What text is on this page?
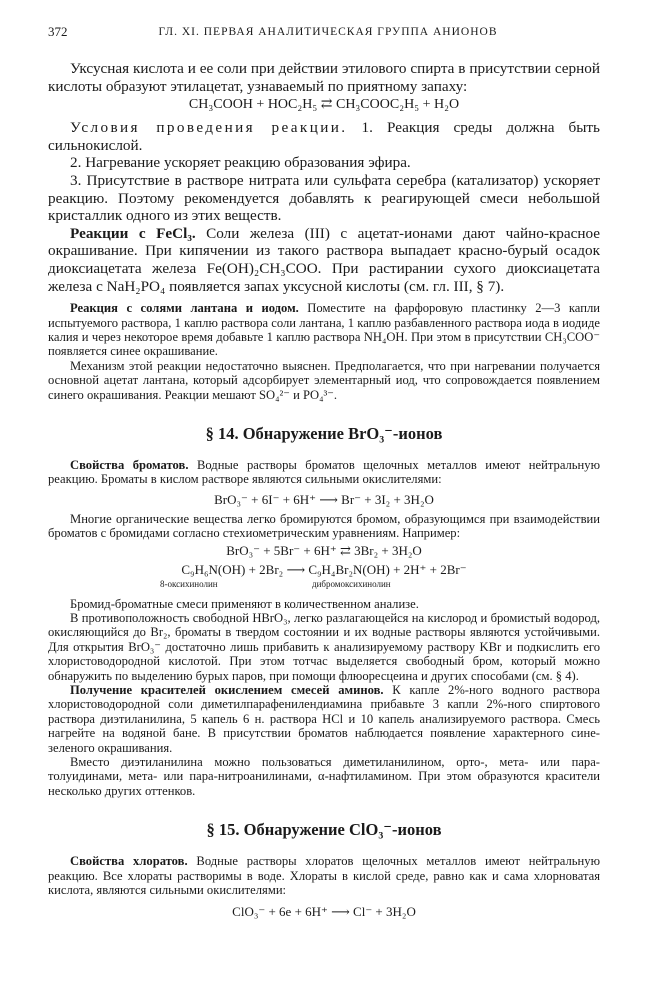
372	ГЛ. XI. ПЕРВАЯ АНАЛИТИЧЕСКАЯ ГРУППА АНИОНОВ

Уксусная кислота и ее соли при действии этилового спирта в присутствии серной кислоты образуют этилацетат, узнаваемый по приятному запаху:

CH₃COOH + HOC₂H₅ ⇄ CH₃COOC₂H₅ + H₂O

Условия проведения реакции. 1. Реакция среды должна быть сильнокислой.

2. Нагревание ускоряет реакцию образования эфира.

3. Присутствие в растворе нитрата или сульфата серебра (катализатор) ускоряет реакцию. Поэтому рекомендуется добавлять к реагирующей смеси небольшой кристаллик одного из этих веществ.

Реакции с FeCl₃. Соли железа (III) с ацетат-ионами дают чайно-красное окрашивание. При кипячении из такого раствора выпадает красно-бурый осадок диоксиацетата железа Fe(OH)₂CH₃COO. При растирании сухого диоксиацетата железа с NaH₂PO₄ появляется запах уксусной кислоты (см. гл. III, § 7).

Реакция с солями лантана и иодом. Поместите на фарфоровую пластинку 2—3 капли испытуемого раствора, 1 каплю раствора соли лантана, 1 каплю разбавленного раствора иода в иодиде калия и через некоторое время добавьте 1 каплю раствора NH₄OH. При этом в присутствии CH₃COO⁻ появляется синее окрашивание.

Механизм этой реакции недостаточно выяснен. Предполагается, что при нагревании получается основной ацетат лантана, который адсорбирует элементарный иод, что сопровождается появлением синего окрашивания. Реакции мешают SO₄²⁻ и PO₄³⁻.

§ 14. Обнаружение BrO₃⁻-ионов

Свойства броматов. Водные растворы броматов щелочных металлов имеют нейтральную реакцию. Броматы в кислом растворе являются сильными окислителями:

BrO₃⁻ + 6I⁻ + 6H⁺ ⟶ Br⁻ + 3I₂ + 3H₂O

Многие органические вещества легко бромируются бромом, образующимся при взаимодействии броматов с бромидами согласно стехиометрическим уравнениям. Например:

BrO₃⁻ + 5Br⁻ + 6H⁺ ⇄ 3Br₂ + 3H₂O
C₉H₆N(OH) + 2Br₂ ⟶ C₉H₄Br₂N(OH) + 2H⁺ + 2Br⁻
8-оксихинолин	дибромоксихинолин

Бромид-броматные смеси применяют в количественном анализе.

В противоположность свободной HBrO₃, легко разлагающейся на кислород и бромистый водород, окисляющийся до Br₂, броматы в твердом состоянии и их водные растворы являются устойчивыми. Для открытия BrO₃⁻ достаточно лишь прибавить к анализируемому раствору KBr и подкислить его хлористоводородной кислотой. При этом тотчас выделяется свободный бром, который можно обнаружить по выделению бурых паров, при помощи флюоресцеина и других способами (см. § 4).

Получение красителей окислением смесей аминов. К капле 2%-ного водного раствора хлористоводородной соли диметилпарафенилендиамина прибавьте 3 капли 2%-ного спиртового раствора диэтиланилина, 5 капель 6 н. раствора HCl и 10 капель анализируемого раствора. Смесь нагрейте на водяной бане. В присутствии броматов наблюдается появление характерного сине-зеленого окрашивания.

Вместо диэтиланилина можно пользоваться диметиланилином, орто-, мета- или пара-толуидинами, мета- или пара-нитроанилинами, α-нафтиламином. При этом образуются красители несколько других оттенков.

§ 15. Обнаружение ClO₃⁻-ионов

Свойства хлоратов. Водные растворы хлоратов щелочных металлов имеют нейтральную реакцию. Все хлораты растворимы в воде. Хлораты в кислой среде, равно как и сама хлорноватая кислота, являются сильными окислителями:

ClO₃⁻ + 6e + 6H⁺ ⟶ Cl⁻ + 3H₂O
